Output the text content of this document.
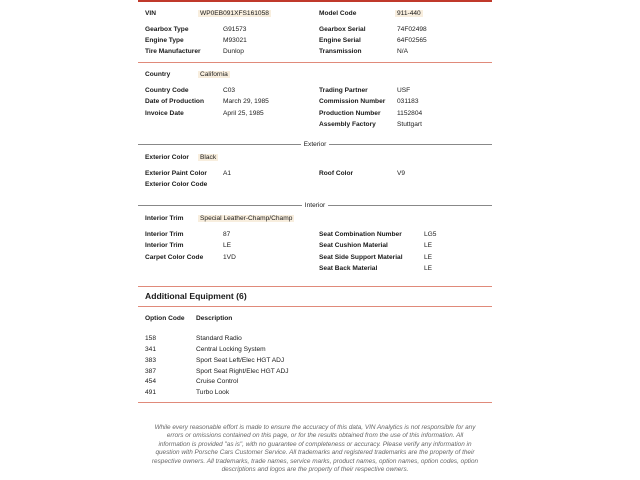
VIN	WP0EB091XFS161058	Model Code	911-440
Gearbox Type	G91573	Gearbox Serial	74F02498
Engine Type	M93021	Engine Serial	64F02565
Tire Manufacturer	Dunlop	Transmission	N/A
Country	California
Country Code	C03	Trading Partner	USF
Date of Production	March 29, 1985	Commission Number 031183
Invoice Date	April 25, 1985	Production Number 1152804
Assembly Factory	Stuttgart
Exterior
Exterior Color Black
Exterior Paint Color A1	Roof Color	V9
Exterior Color Code
Interior
Interior Trim	Special Leather-Champ/Champ
Interior Trim	87	Seat Combination Number	LG5
Interior Trim	LE	Seat Cushion Material	LE
Carpet Color Code	1VD	Seat Side Support Material	LE
Seat Back Material	LE
Additional Equipment (6)
Option Code Description
158	Standard Radio
341	Central Locking System
383	Sport Seat Left/Elec HGT ADJ
387	Sport Seat Right/Elec HGT ADJ
454	Cruise Control
491	Turbo Look
While every reasonable effort is made to ensure the accuracy of this data, VIN Analytics is not responsible for any
errors or omissions contained on this page, or for the results obtained from the use of this information. All
information is provided "as is", with no guarantee of completeness or accuracy. Please verify any information in
question with Porsche Cars Customer Service. All trademarks and registered trademarks are the property of their
respective owners. All trademarks, trade names, service marks, product names, option names, option codes, option
descriptions and logos are the property of their respective owners.
